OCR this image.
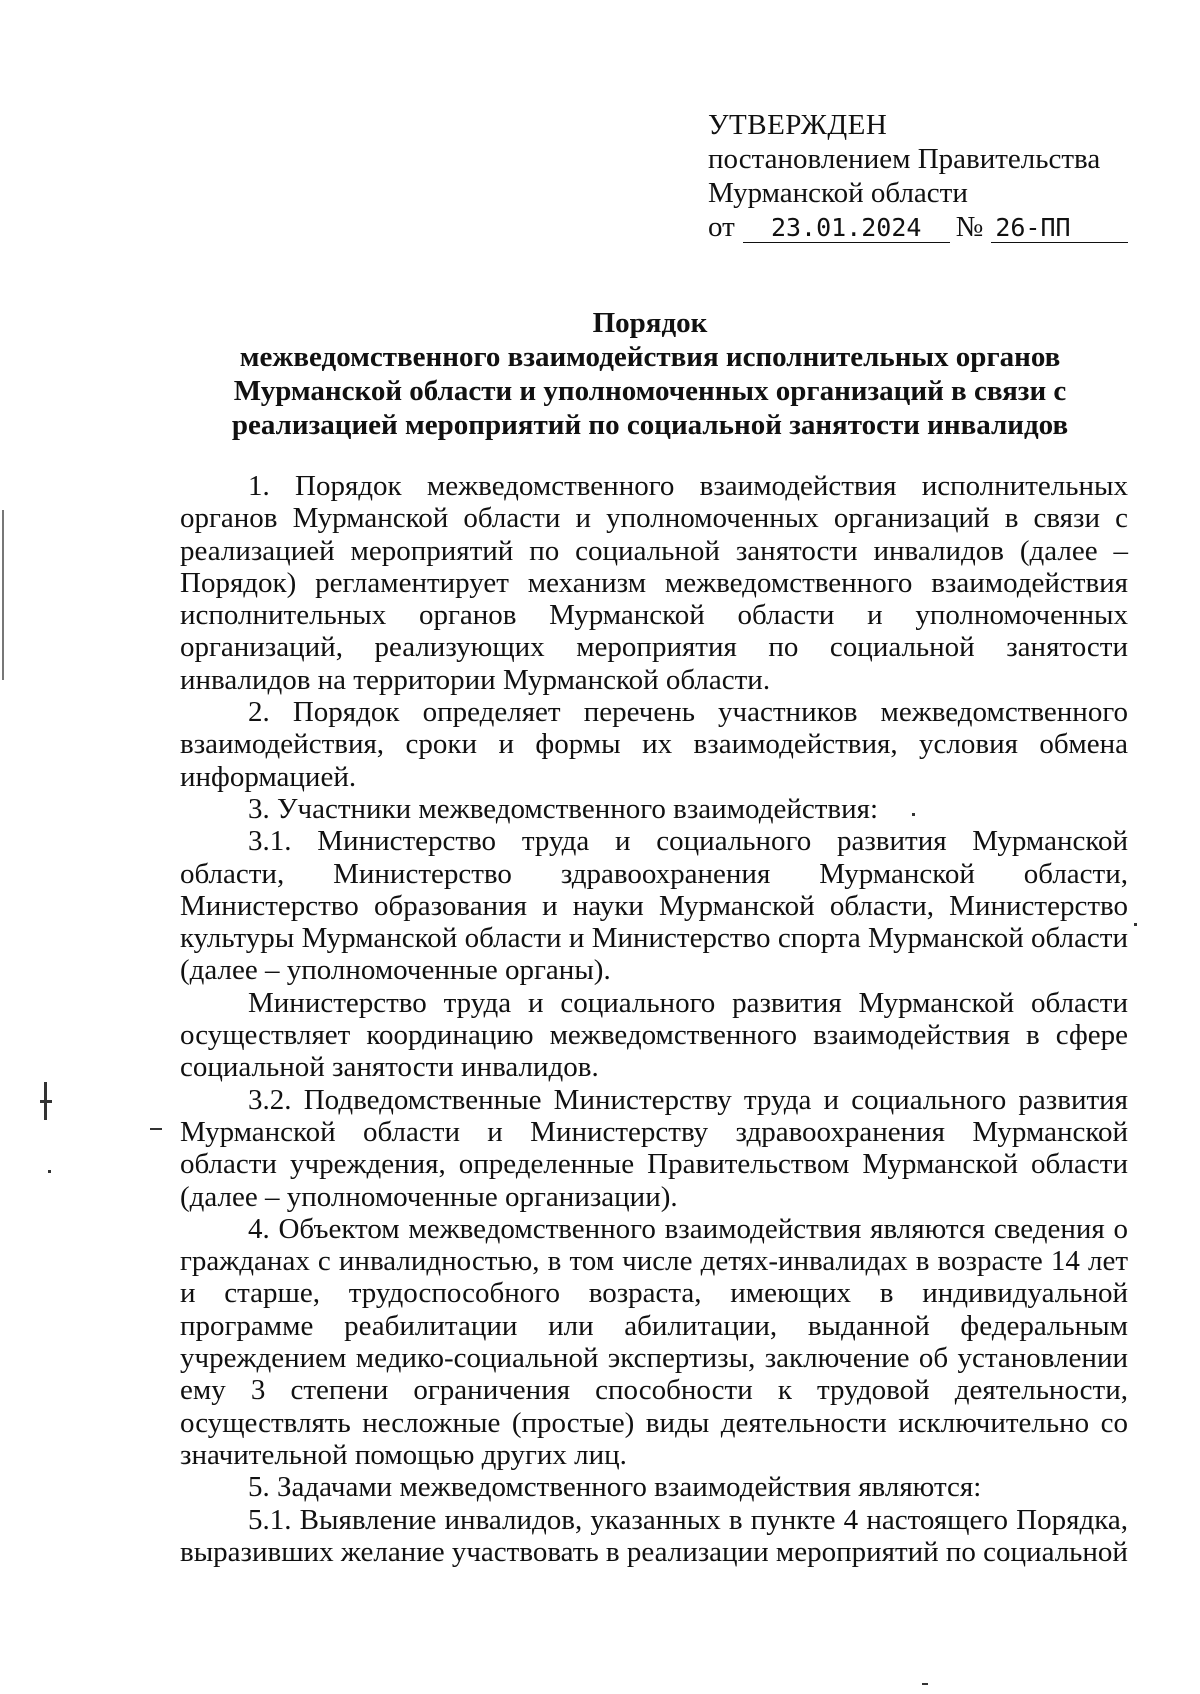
УТВЕРЖДЕН
постановлением Правительства
Мурманской области
от	23.01.2024	№ 26-ПП
Порядок
межведомственного взаимодействия исполнительных органов
Мурманской области и уполномоченных организаций в связи с
реализацией мероприятий по социальной занятости инвалидов

1. Порядок межведомственного взаимодействия исполнительных органов Мурманской области и уполномоченных организаций в связи с реализацией мероприятий по социальной занятости инвалидов (далее – Порядок) регламентирует механизм межведомственного взаимодействия исполнительных органов Мурманской области и уполномоченных организаций, реализующих мероприятия по социальной занятости инвалидов на территории Мурманской области.

2. Порядок определяет перечень участников межведомственного взаимодействия, сроки и формы их взаимодействия, условия обмена информацией.

3. Участники межведомственного взаимодействия:

3.1. Министерство труда и социального развития Мурманской области, Министерство здравоохранения Мурманской области, Министерство образования и науки Мурманской области, Министерство культуры Мурманской области и Министерство спорта Мурманской области (далее – уполномоченные органы).

Министерство труда и социального развития Мурманской области осуществляет координацию межведомственного взаимодействия в сфере социальной занятости инвалидов.

3.2. Подведомственные Министерству труда и социального развития Мурманской области и Министерству здравоохранения Мурманской области учреждения, определенные Правительством Мурманской области (далее – уполномоченные организации).

4. Объектом межведомственного взаимодействия являются сведения о гражданах с инвалидностью, в том числе детях-инвалидах в возрасте 14 лет и старше, трудоспособного возраста, имеющих в индивидуальной программе реабилитации или абилитации, выданной федеральным учреждением медико-социальной экспертизы, заключение об установлении ему 3 степени ограничения способности к трудовой деятельности, осуществлять несложные (простые) виды деятельности исключительно со значительной помощью других лиц.

5. Задачами межведомственного взаимодействия являются:

5.1. Выявление инвалидов, указанных в пункте 4 настоящего Порядка, выразивших желание участвовать в реализации мероприятий по социальной
